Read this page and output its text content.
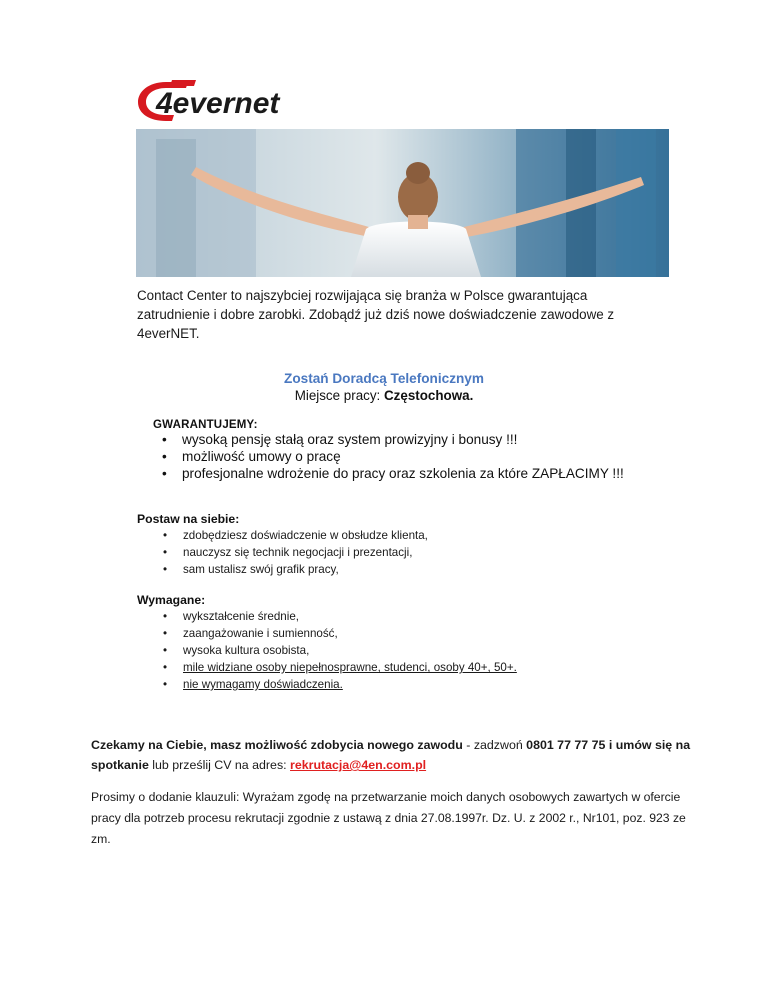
4evernet
Contact Center to najszybciej rozwijająca się branża w Polsce gwarantująca zatrudnienie i dobre zarobki. Zdobądź już dziś nowe doświadczenie zawodowe z 4everNET.
Zostań Doradcą Telefonicznym
Miejsce pracy: Częstochowa.
GWARANTUJEMY:
• wysoką pensję stałą oraz system prowizyjny i bonusy !!!
• możliwość umowy o pracę
• profesjonalne wdrożenie do pracy oraz szkolenia za które ZAPŁACIMY !!!
Postaw na siebie:
• zdobędziesz doświadczenie w obsłudze klienta,
• nauczysz się technik negocjacji i prezentacji,
• sam ustalisz swój grafik pracy,
Wymagane:
• wykształcenie średnie,
• zaangażowanie i sumienność,
• wysoka kultura osobista,
• mile widziane osoby niepełnosprawne, studenci, osoby 40+, 50+.
• nie wymagamy doświadczenia.
Czekamy na Ciebie, masz możliwość zdobycia nowego zawodu - zadzwoń 0801 77 77 75 i umów się na spotkanie lub prześlij CV na adres: rekrutacja@4en.com.pl
Prosimy o dodanie klauzuli: Wyrażam zgodę na przetwarzanie moich danych osobowych zawartych w ofercie pracy dla potrzeb procesu rekrutacji zgodnie z ustawą z dnia 27.08.1997r. Dz. U. z 2002 r., Nr101, poz. 923 ze zm.
